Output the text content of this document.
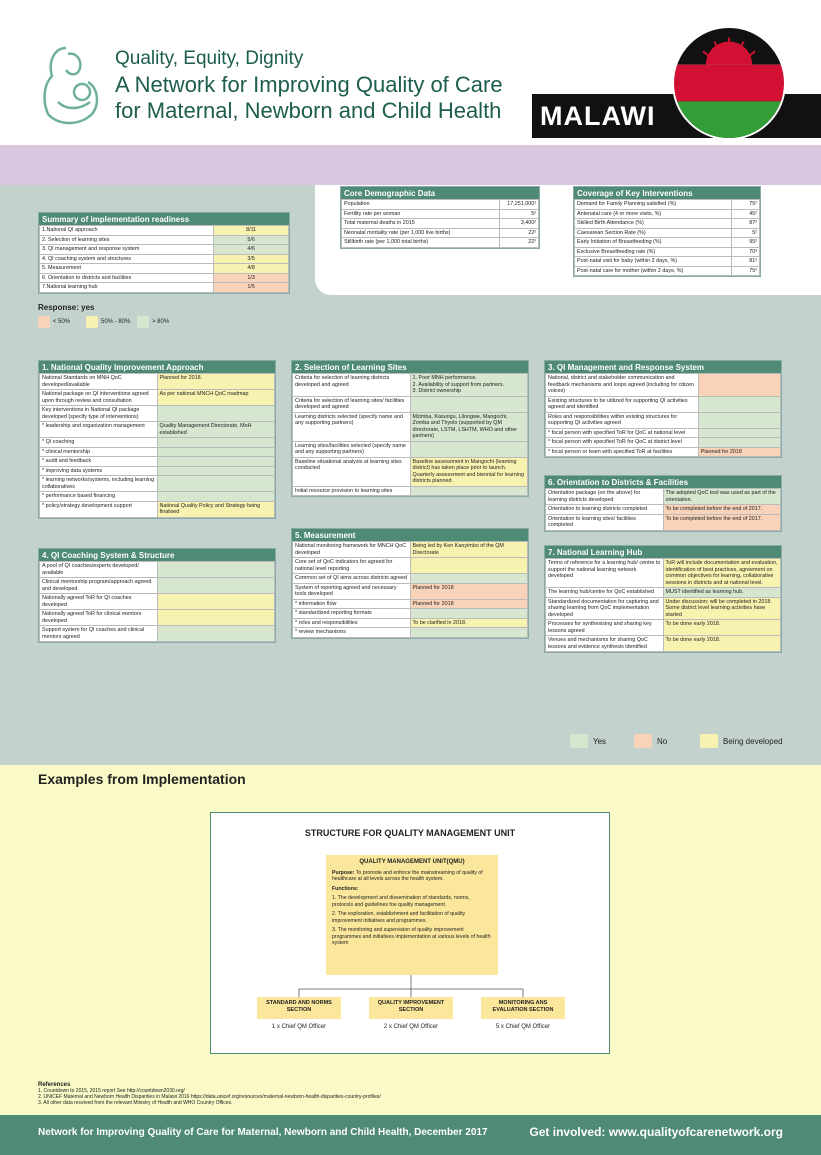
Quality, Equity, Dignity
A Network for Improving Quality of Care
for Maternal, Newborn and Child Health MALAWI
Summary of implementation readiness
1.National QI approach	8/11
2. Selection of learning sites	5/6
3. QI management and response system	4/6
4. QI coaching system and structures	3/5
5. Measurement	4/8
6. Orientation to districts and facilities	1/3
7.National learning hub	1/5
Response: yes
< 50%	50% - 80%	> 80%
Core Demographic Data
Population	17,251,000¹
Fertility rate per woman	5²
Total maternal deaths in 2015	3,400²
Neonatal mortality rate (per 1,000 live births)	22²
Stillbirth rate (per 1,000 total births)	22²
Coverage of Key Interventions
Demand for Family Planning satisfied (%)	75²
Antenatal care (4 or more visits, %)	45²
Skilled Birth Attendance (%)	87²
Caesarean Section Rate (%)	5²
Early Initiation of Breastfeeding (%)	95²
Exclusive Breastfeeding rate (%)	70²
Post-natal visit for baby (within 2 days, %)	81²
Post-natal care for mother (within 2 days, %)	75²
1. National Quality Improvement Approach
National Standards on MNH QoC developed/available	Planned for 2018.
National package on QI interventions agreed upon through review and consultation	As per national MNCH QoC roadmap
Key interventions in National QI package developed (specify type of interventions)	
* leadership and organization management	Quality Management Directorate, MoH established
* QI coaching	
* clinical mentorship	
* audit and feedback	
* improving data systems	
* learning networks/systems, including learning collaboratives	
* performance based financing	
* policy/strategy development support	National Quality Policy and Strategy being finalised
4. QI Coaching System & Structure
A pool of QI coaches/experts developed/ available	
Clinical mentorship program/approach agreed and developed	
Nationally agreed ToR for QI coaches developed	
Nationally agreed ToR for clinical mentors developed	
Support system for QI coaches and clinical mentors agreed	
2. Selection of Learning Sites
Criteria for selection of learning districts developed and agreed	1. Poor MNH performance.
2. Availability of support from partners.
3. District ownership
Criteria for selection of learning sites/ facilities developed and agreed	
Learning districts selected (specify name and any supporting partners)	Mzimba, Kasungu, Lilongwe, Mangochi, Zomba and Thyolo (supported by QM directorate, LSTM, LSHTM, WHO and other partners)
Learning sites/facilities selected (specify name and any supporting partners)	
Baseline situational analysis at learning sites conducted	Baseline assessment in Mangochi (learning district) has taken place prior to launch. Quarterly assessment and biennial for learning districts planned.
Initial resource provision to learning sites	
5. Measurement
National monitoring framework for MNCH QoC developed	Being led by Ken Kanyimbo of the QM Directorate
Core set of QoC indicators for agreed for national level reporting	
Common set of QI aims across districts agreed	
System of reporting agreed and necessary tools developed	Planned for 2018
* information flow	Planned for 2018
* standardized reporting formats	
* roles and responsibilities	To be clarified in 2018.
* review mechanisms	
3. QI Management and Response System
National, district and stakeholder communication and feedback mechanisms and loops agreed (including for citizen voices)	
Existing structures to be utilized for supporting QI activities agreed and identified	
Roles and responsibilities within existing structures for supporting QI activities agreed	
* focal person with specified ToR for QoC at national level	
* focal person with specified ToR for QoC at district level	
* focal person or team with specified ToR at facilities	Planned for 2018
6. Orientation to Districts & Facilities
Orientation package (on the above) for learning districts developed	The adopted QoC tool was used as part of the orientation.
Orientation to learning districts completed	To be completed before the end of 2017.
Orientation to learning sites/ facilities completed	To be completed before the end of 2017.
7. National Learning Hub
Terms of reference for a learning hub/ centre to support the national learning network developed	ToR will include documentation and evaluation, identification of best practices, agreement on common objectives for learning, collaborative sessions in districts and at national level.
The learning hub/centre for QoC established	MUST identified as learning hub.
Standardized documentation for capturing and sharing learning from QoC implementation developed	Under discussion; will be completed in 2018.
Some district level learning activities have started
Processes for synthesising and sharing key lessons agreed	To be done early 2018.
Venues and mechanisms for sharing QoC lessons and evidence synthesis identified	To be done early 2018.
Yes	No	Being developed
Examples from Implementation
STRUCTURE FOR QUALITY MANAGEMENT UNIT
QUALITY MANAGEMENT UNIT(QMU)

Purpose: To promote and enforce the mainstreaming of quality of healthcare at all levels across the health system.

Functions:

1. The development and dissemination of standards, norms, protocols and guidelines foe quality management.

2. The exploration, establishment and facilitation of quality improvement initiatives and programmes.

3. The monitoring and supervision of quality improvement programmes and initiatives implementation at various levels of health system

STANDARD AND NORMS SECTION
QUALITY IMPROVEMENT SECTION
MONITORING ANS EVALUATION SECTION
1 x Chief QM Officer	2 x Chief QM Officer	5 x Chief QM Officer
References
1. Countdown to 2015, 2015 report See http://countdown2030.org/
2. UNICEF Maternal and Newborn Health Disparities in Malawi 2016 https://data.unicef.org/resources/maternal-newborn-health-disparities-country-profiles/
3. All other data received from the relevant Ministry of Health and WHO Country Offices.
Network for Improving Quality of Care for Maternal, Newborn and Child Health, December 2017	Get involved: www.qualityofcarenetwork.org
